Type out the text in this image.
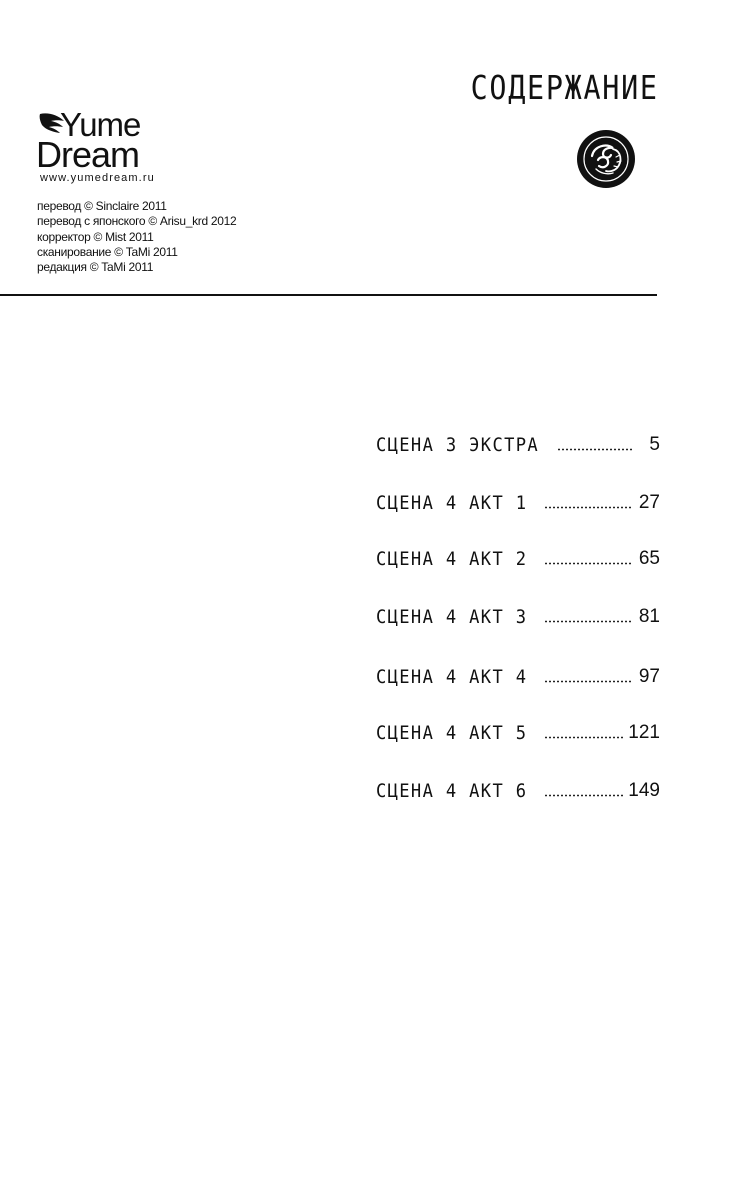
СОДЕРЖАНИЕ
Yume
Dream
www.yumedream.ru
перевод © Sinclaire 2011
перевод с японского © Arisu_krd 2012
корректор © Mist 2011
сканирование © TaMi 2011
редакция © TaMi 2011
СЦЕНА 3 ЭКСТРА	5
СЦЕНА 4 АКТ 1	27
СЦЕНА 4 АКТ 2	65
СЦЕНА 4 АКТ 3	81
СЦЕНА 4 АКТ 4	97
СЦЕНА 4 АКТ 5	121
СЦЕНА 4 АКТ 6	149
